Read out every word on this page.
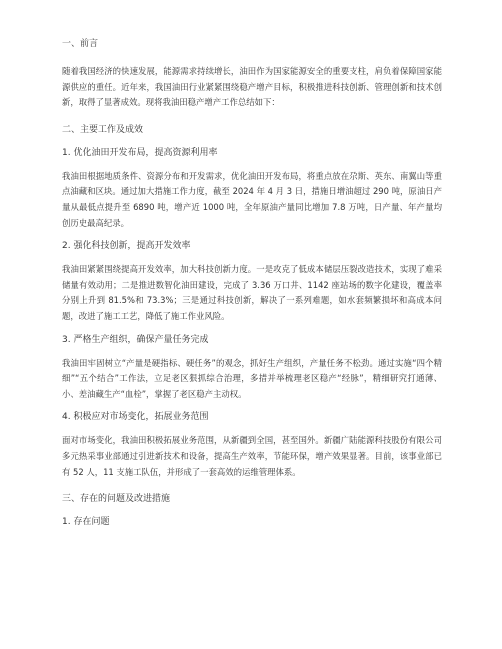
一、前言

随着我国经济的快速发展，能源需求持续增长，油田作为国家能源安全的重要支柱，肩负着保障国家能源供应的重任。近年来，我国油田行业紧紧围绕稳产增产目标，积极推进科技创新、管理创新和技术创新，取得了显著成效。现将我油田稳产增产工作总结如下：

二、主要工作及成效

1. 优化油田开发布局，提高资源利用率

我油田根据地质条件、资源分布和开发需求，优化油田开发布局，将重点放在尕斯、英东、南翼山等重点油藏和区块。通过加大措施工作力度，截至 2024 年 4 月 3 日，措施日增油超过 290 吨，原油日产量从最低点提升至 6890 吨，增产近 1000 吨，全年原油产量同比增加 7.8 万吨，日产量、年产量均创历史最高纪录。

2. 强化科技创新，提高开发效率

我油田紧紧围绕提高开发效率，加大科技创新力度。一是攻克了低成本储层压裂改造技术，实现了难采储量有效动用；二是推进数智化油田建设，完成了 3.36 万口井、1142 座站场的数字化建设，覆盖率分别上升到 81.5%和 73.3%；三是通过科技创新，解决了一系列难题，如水套频繁损坏和高成本问题，改进了施工工艺，降低了施工作业风险。

3. 严格生产组织，确保产量任务完成

我油田牢固树立“产量是硬指标、硬任务”的观念，抓好生产组织，产量任务不松劲。通过实施“四个精细”“五个结合”工作法，立足老区狠抓综合治理，多措并举梳理老区稳产“经脉”，精细研究打通薄、小、差油藏生产“血栓”，掌握了老区稳产主动权。

4. 积极应对市场变化，拓展业务范围

面对市场变化，我油田积极拓展业务范围，从新疆到全国，甚至国外。新疆广陆能源科技股份有限公司多元热采事业部通过引进新技术和设备，提高生产效率，节能环保，增产效果显著。目前，该事业部已有 52 人，11 支施工队伍，并形成了一套高效的运维管理体系。

三、存在的问题及改进措施

1. 存在问题
